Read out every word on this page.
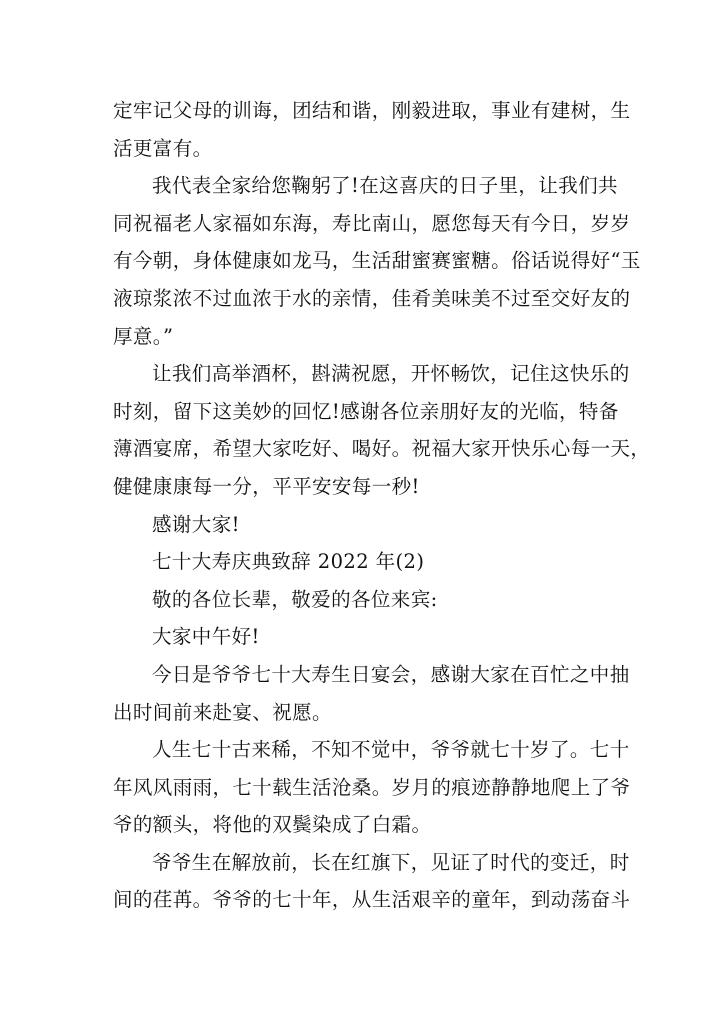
定牢记父母的训诲，团结和谐，刚毅进取，事业有建树，生
活更富有。
我代表全家给您鞠躬了!在这喜庆的日子里，让我们共
同祝福老人家福如东海，寿比南山，愿您每天有今日，岁岁
有今朝，身体健康如龙马，生活甜蜜赛蜜糖。俗话说得好“玉
液琼浆浓不过血浓于水的亲情，佳肴美味美不过至交好友的
厚意。”
让我们高举酒杯，斟满祝愿，开怀畅饮，记住这快乐的
时刻，留下这美妙的回忆!感谢各位亲朋好友的光临，特备
薄酒宴席，希望大家吃好、喝好。祝福大家开快乐心每一天，
健健康康每一分，平平安安每一秒!
感谢大家!
七十大寿庆典致辞 2022 年(2)
敬的各位长辈，敬爱的各位来宾:
大家中午好!
今日是爷爷七十大寿生日宴会，感谢大家在百忙之中抽
出时间前来赴宴、祝愿。
人生七十古来稀，不知不觉中，爷爷就七十岁了。七十
年风风雨雨，七十载生活沧桑。岁月的痕迹静静地爬上了爷
爷的额头，将他的双鬓染成了白霜。
爷爷生在解放前，长在红旗下，见证了时代的变迁，时
间的荏苒。爷爷的七十年，从生活艰辛的童年，到动荡奋斗
